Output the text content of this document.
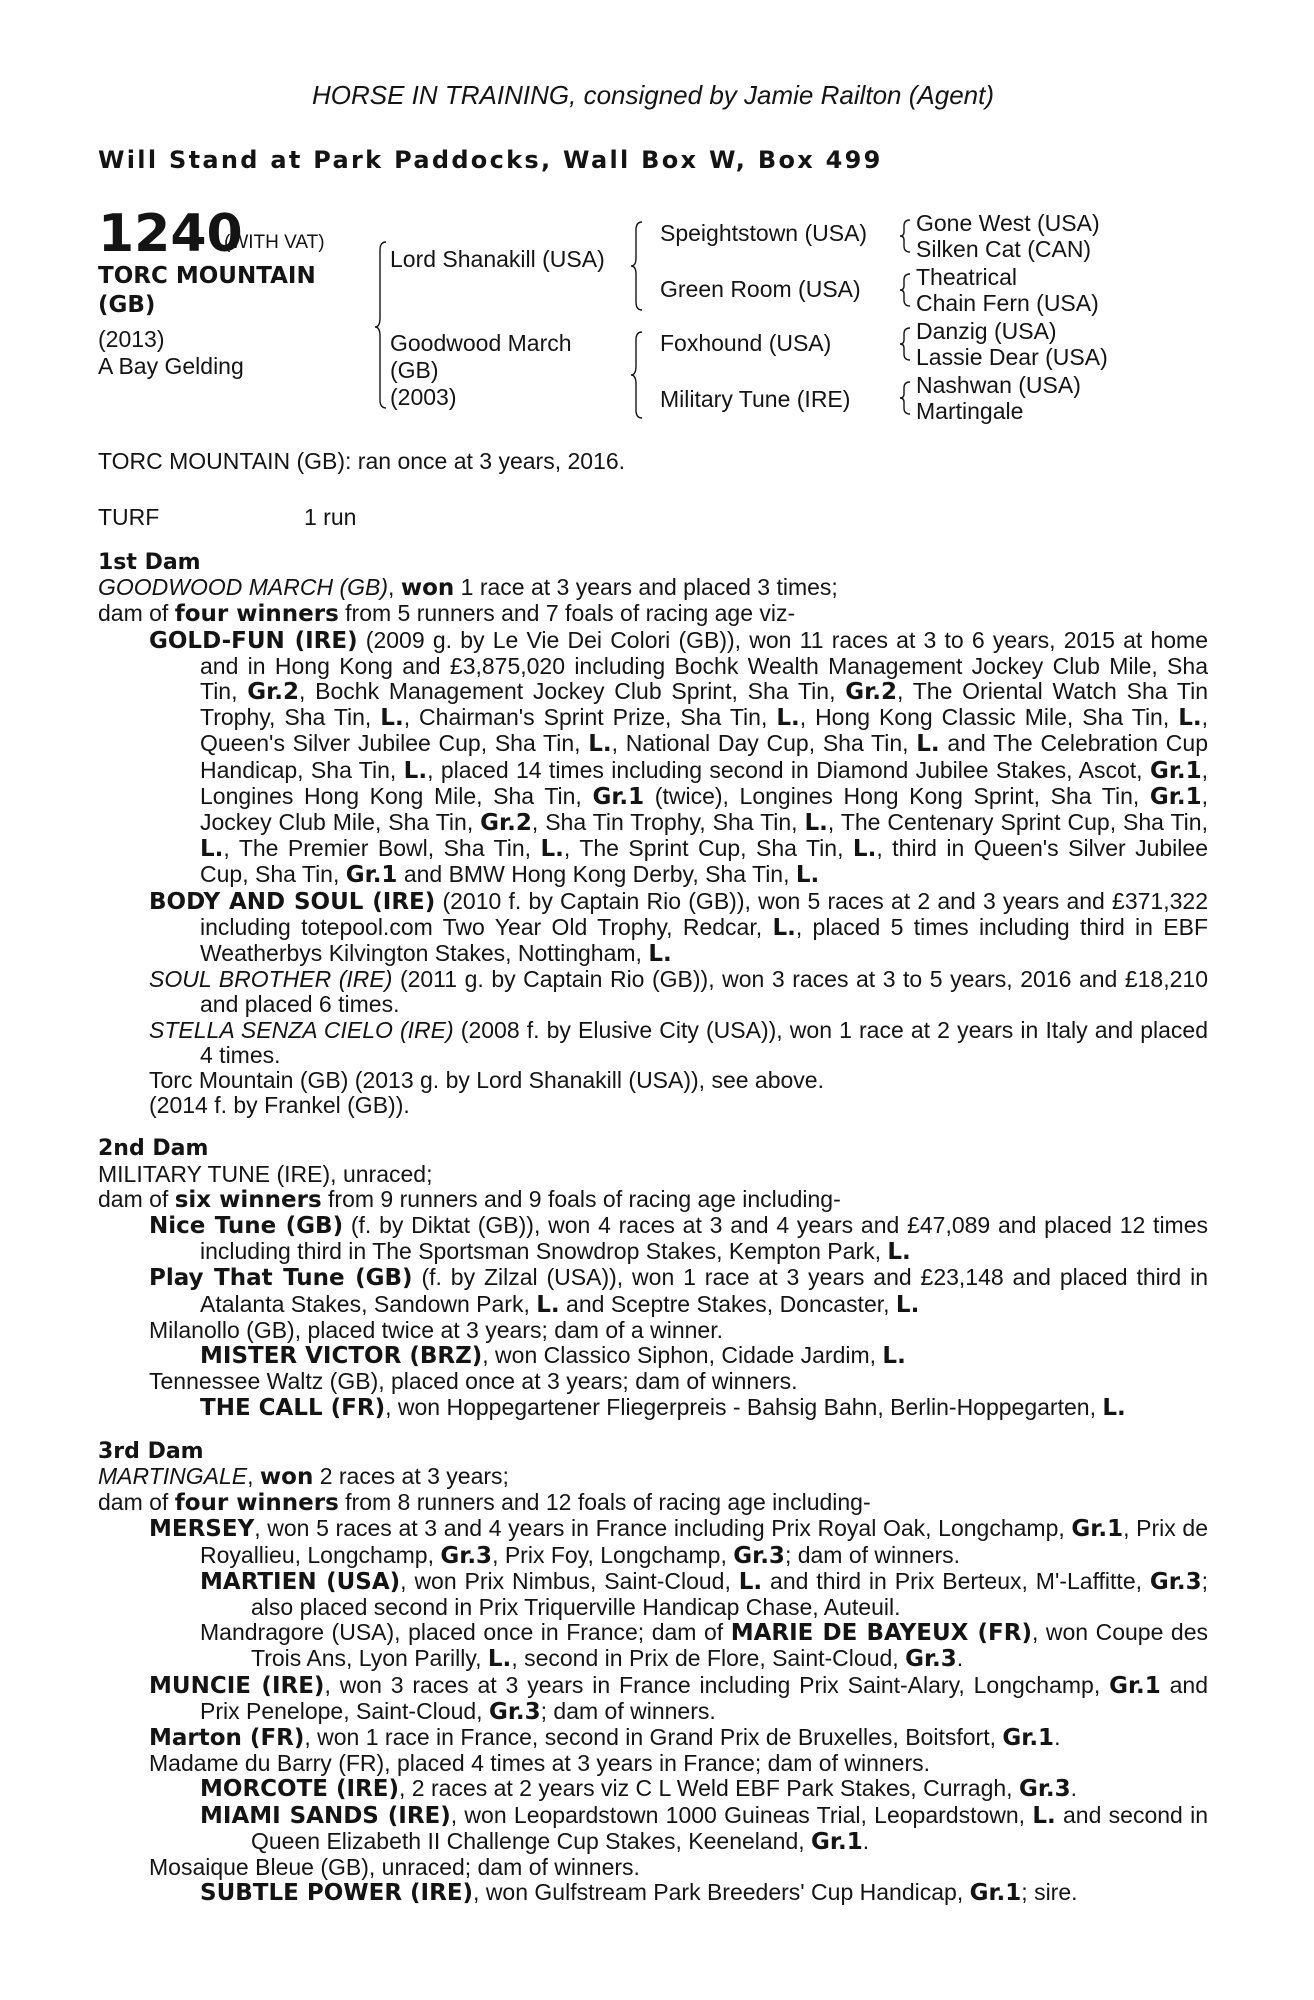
HORSE IN TRAINING, consigned by Jamie Railton (Agent)
Will Stand at Park Paddocks, Wall Box W, Box 499
1240
(WITH VAT)
TORC MOUNTAIN
(GB)
(2013)
A Bay Gelding
Lord Shanakill (USA)
Goodwood March
(GB)
(2003)
Speightstown (USA)
Green Room (USA)
Foxhound (USA)
Military Tune (IRE)
Gone West (USA)
Silken Cat (CAN)
Theatrical
Chain Fern (USA)
Danzig (USA)
Lassie Dear (USA)
Nashwan (USA)
Martingale
TORC MOUNTAIN (GB): ran once at 3 years, 2016.
TURF	1 run

1st Dam

GOODWOOD MARCH (GB), won 1 race at 3 years and placed 3 times;

dam of four winners from 5 runners and 7 foals of racing age viz-

GOLD-FUN (IRE) (2009 g. by Le Vie Dei Colori (GB)), won 11 races at 3 to 6 years, 2015 at home and in Hong Kong and £3,875,020 including Bochk Wealth Management Jockey Club Mile, Sha Tin, Gr.2, Bochk Management Jockey Club Sprint, Sha Tin, Gr.2, The Oriental Watch Sha Tin Trophy, Sha Tin, L., Chairman's Sprint Prize, Sha Tin, L., Hong Kong Classic Mile, Sha Tin, L., Queen's Silver Jubilee Cup, Sha Tin, L., National Day Cup, Sha Tin, L. and The Celebration Cup Handicap, Sha Tin, L., placed 14 times including second in Diamond Jubilee Stakes, Ascot, Gr.1, Longines Hong Kong Mile, Sha Tin, Gr.1 (twice), Longines Hong Kong Sprint, Sha Tin, Gr.1, Jockey Club Mile, Sha Tin, Gr.2, Sha Tin Trophy, Sha Tin, L., The Centenary Sprint Cup, Sha Tin, L., The Premier Bowl, Sha Tin, L., The Sprint Cup, Sha Tin, L., third in Queen's Silver Jubilee Cup, Sha Tin, Gr.1 and BMW Hong Kong Derby, Sha Tin, L.

BODY AND SOUL (IRE) (2010 f. by Captain Rio (GB)), won 5 races at 2 and 3 years and £371,322 including totepool.com Two Year Old Trophy, Redcar, L., placed 5 times including third in EBF Weatherbys Kilvington Stakes, Nottingham, L.

SOUL BROTHER (IRE) (2011 g. by Captain Rio (GB)), won 3 races at 3 to 5 years, 2016 and £18,210 and placed 6 times.

STELLA SENZA CIELO (IRE) (2008 f. by Elusive City (USA)), won 1 race at 2 years in Italy and placed 4 times.

Torc Mountain (GB) (2013 g. by Lord Shanakill (USA)), see above.

(2014 f. by Frankel (GB)).

2nd Dam

MILITARY TUNE (IRE), unraced;

dam of six winners from 9 runners and 9 foals of racing age including-

Nice Tune (GB) (f. by Diktat (GB)), won 4 races at 3 and 4 years and £47,089 and placed 12 times including third in The Sportsman Snowdrop Stakes, Kempton Park, L.

Play That Tune (GB) (f. by Zilzal (USA)), won 1 race at 3 years and £23,148 and placed third in Atalanta Stakes, Sandown Park, L. and Sceptre Stakes, Doncaster, L.

Milanollo (GB), placed twice at 3 years; dam of a winner.

MISTER VICTOR (BRZ), won Classico Siphon, Cidade Jardim, L.

Tennessee Waltz (GB), placed once at 3 years; dam of winners.

THE CALL (FR), won Hoppegartener Fliegerpreis - Bahsig Bahn, Berlin-Hoppegarten, L.

3rd Dam

MARTINGALE, won 2 races at 3 years;

dam of four winners from 8 runners and 12 foals of racing age including-

MERSEY, won 5 races at 3 and 4 years in France including Prix Royal Oak, Longchamp, Gr.1, Prix de Royallieu, Longchamp, Gr.3, Prix Foy, Longchamp, Gr.3; dam of winners.

MARTIEN (USA), won Prix Nimbus, Saint-Cloud, L. and third in Prix Berteux, M'-Laffitte, Gr.3; also placed second in Prix Triquerville Handicap Chase, Auteuil.

Mandragore (USA), placed once in France; dam of MARIE DE BAYEUX (FR), won Coupe des Trois Ans, Lyon Parilly, L., second in Prix de Flore, Saint-Cloud, Gr.3.

MUNCIE (IRE), won 3 races at 3 years in France including Prix Saint-Alary, Longchamp, Gr.1 and Prix Penelope, Saint-Cloud, Gr.3; dam of winners.

Marton (FR), won 1 race in France, second in Grand Prix de Bruxelles, Boitsfort, Gr.1.

Madame du Barry (FR), placed 4 times at 3 years in France; dam of winners.

MORCOTE (IRE), 2 races at 2 years viz C L Weld EBF Park Stakes, Curragh, Gr.3.

MIAMI SANDS (IRE), won Leopardstown 1000 Guineas Trial, Leopardstown, L. and second in Queen Elizabeth II Challenge Cup Stakes, Keeneland, Gr.1.

Mosaique Bleue (GB), unraced; dam of winners.

SUBTLE POWER (IRE), won Gulfstream Park Breeders' Cup Handicap, Gr.1; sire.
